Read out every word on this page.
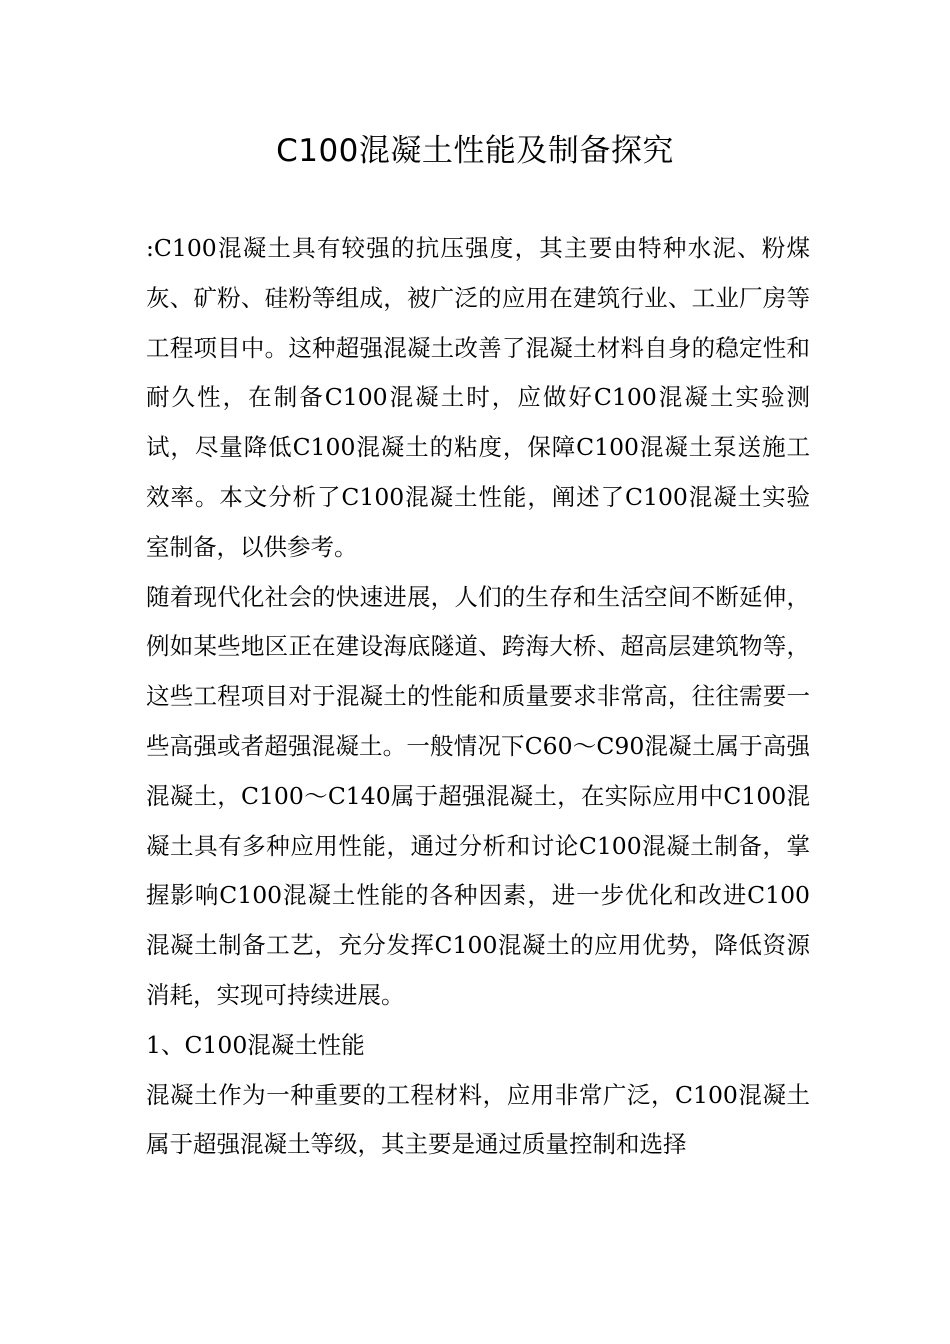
C100混凝土性能及制备探究

:C100混凝土具有较强的抗压强度，其主要由特种水泥、粉煤灰、矿粉、硅粉等组成，被广泛的应用在建筑行业、工业厂房等工程项目中。这种超强混凝土改善了混凝土材料自身的稳定性和耐久性，在制备C100混凝土时，应做好C100混凝土实验测试，尽量降低C100混凝土的粘度，保障C100混凝土泵送施工效率。本文分析了C100混凝土性能，阐述了C100混凝土实验室制备，以供参考。

随着现代化社会的快速进展，人们的生存和生活空间不断延伸，例如某些地区正在建设海底隧道、跨海大桥、超高层建筑物等，这些工程项目对于混凝土的性能和质量要求非常高，往往需要一些高强或者超强混凝土。一般情况下C60～C90混凝土属于高强混凝土，C100～C140属于超强混凝土，在实际应用中C100混凝土具有多种应用性能，通过分析和讨论C100混凝土制备，掌握影响C100混凝土性能的各种因素，进一步优化和改进C100混凝土制备工艺，充分发挥C100混凝土的应用优势，降低资源消耗，实现可持续进展。

1、C100混凝土性能

混凝土作为一种重要的工程材料，应用非常广泛，C100混凝土属于超强混凝土等级，其主要是通过质量控制和选择
